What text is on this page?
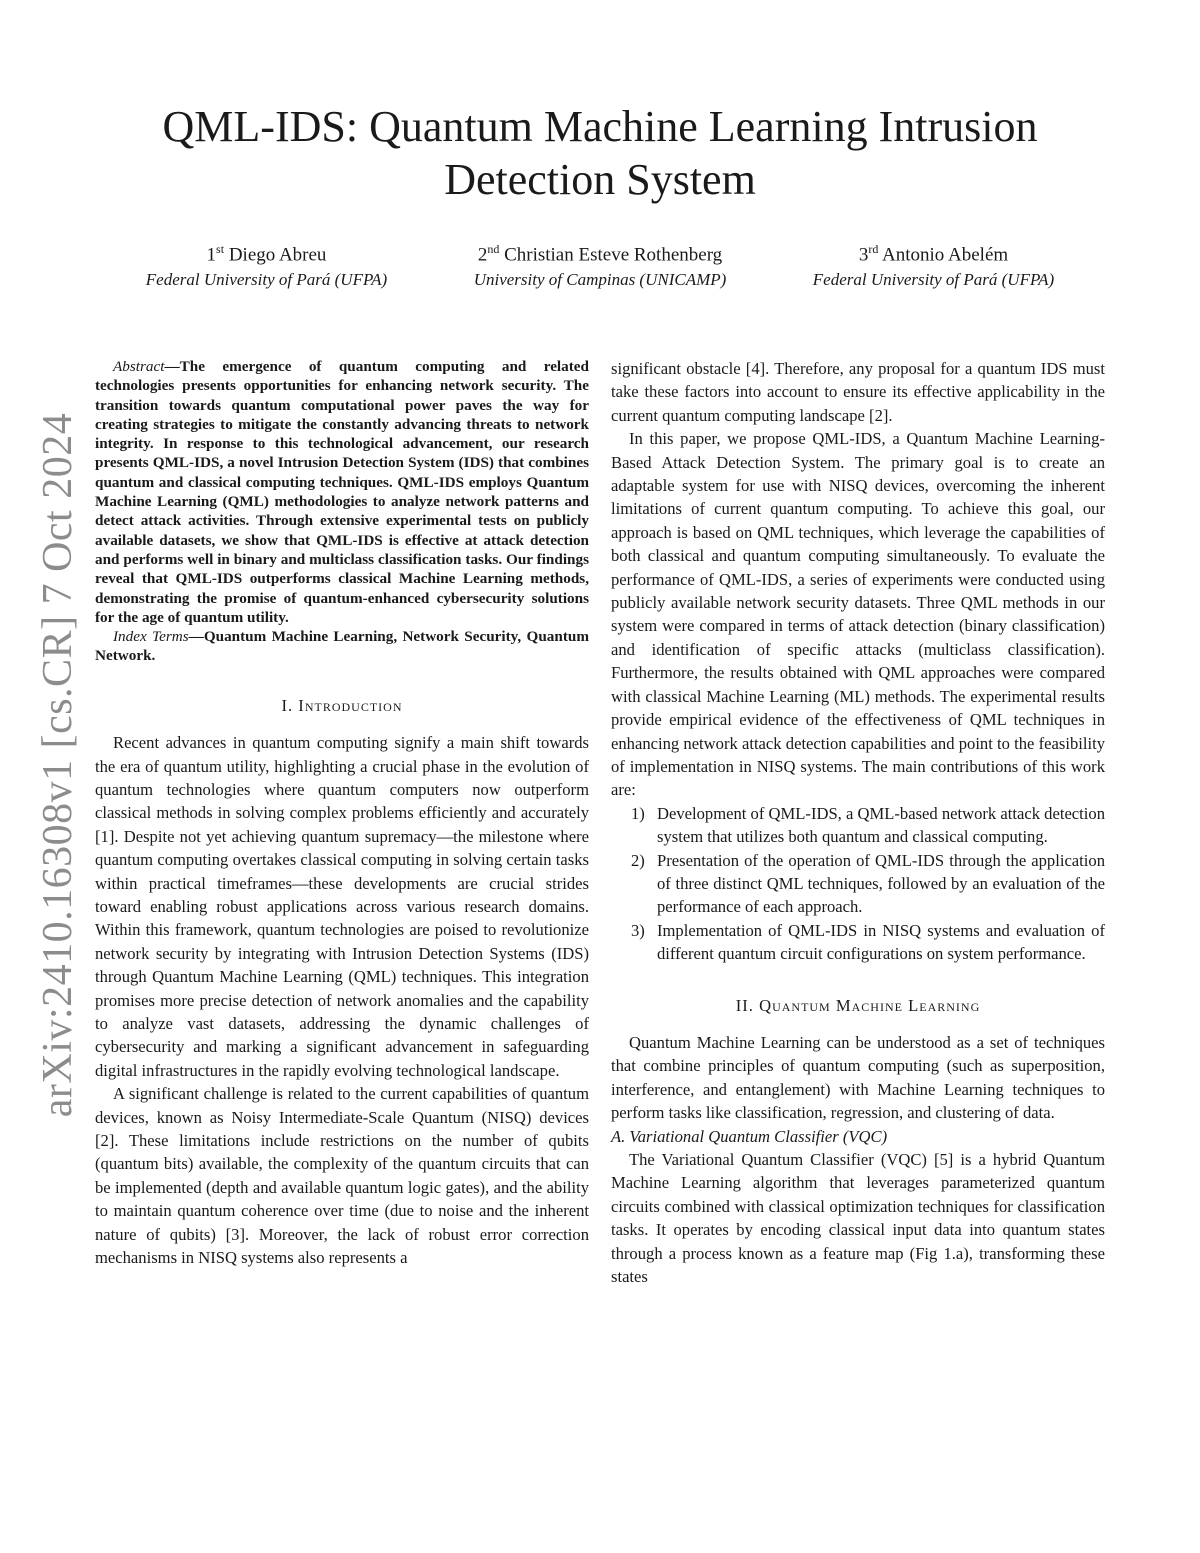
arXiv:2410.16308v1 [cs.CR] 7 Oct 2024
QML-IDS: Quantum Machine Learning Intrusion Detection System
1st Diego Abreu
Federal University of Pará (UFPA)
2nd Christian Esteve Rothenberg
University of Campinas (UNICAMP)
3rd Antonio Abelém
Federal University of Pará (UFPA)

Abstract—The emergence of quantum computing and related technologies presents opportunities for enhancing network security. The transition towards quantum computational power paves the way for creating strategies to mitigate the constantly advancing threats to network integrity. In response to this technological advancement, our research presents QML-IDS, a novel Intrusion Detection System (IDS) that combines quantum and classical computing techniques. QML-IDS employs Quantum Machine Learning (QML) methodologies to analyze network patterns and detect attack activities. Through extensive experimental tests on publicly available datasets, we show that QML-IDS is effective at attack detection and performs well in binary and multiclass classification tasks. Our findings reveal that QML-IDS outperforms classical Machine Learning methods, demonstrating the promise of quantum-enhanced cybersecurity solutions for the age of quantum utility.

Index Terms—Quantum Machine Learning, Network Security, Quantum Network.

I. Introduction

Recent advances in quantum computing signify a main shift towards the era of quantum utility, highlighting a crucial phase in the evolution of quantum technologies where quantum computers now outperform classical methods in solving complex problems efficiently and accurately [1]. Despite not yet achieving quantum supremacy—the milestone where quantum computing overtakes classical computing in solving certain tasks within practical timeframes—these developments are crucial strides toward enabling robust applications across various research domains. Within this framework, quantum technologies are poised to revolutionize network security by integrating with Intrusion Detection Systems (IDS) through Quantum Machine Learning (QML) techniques. This integration promises more precise detection of network anomalies and the capability to analyze vast datasets, addressing the dynamic challenges of cybersecurity and marking a significant advancement in safeguarding digital infrastructures in the rapidly evolving technological landscape.

A significant challenge is related to the current capabilities of quantum devices, known as Noisy Intermediate-Scale Quantum (NISQ) devices [2]. These limitations include restrictions on the number of qubits (quantum bits) available, the complexity of the quantum circuits that can be implemented (depth and available quantum logic gates), and the ability to maintain quantum coherence over time (due to noise and the inherent nature of qubits) [3]. Moreover, the lack of robust error correction mechanisms in NISQ systems also represents a

significant obstacle [4]. Therefore, any proposal for a quantum IDS must take these factors into account to ensure its effective applicability in the current quantum computing landscape [2].

In this paper, we propose QML-IDS, a Quantum Machine Learning-Based Attack Detection System. The primary goal is to create an adaptable system for use with NISQ devices, overcoming the inherent limitations of current quantum computing. To achieve this goal, our approach is based on QML techniques, which leverage the capabilities of both classical and quantum computing simultaneously. To evaluate the performance of QML-IDS, a series of experiments were conducted using publicly available network security datasets. Three QML methods in our system were compared in terms of attack detection (binary classification) and identification of specific attacks (multiclass classification). Furthermore, the results obtained with QML approaches were compared with classical Machine Learning (ML) methods. The experimental results provide empirical evidence of the effectiveness of QML techniques in enhancing network attack detection capabilities and point to the feasibility of implementation in NISQ systems. The main contributions of this work are:

1) Development of QML-IDS, a QML-based network attack detection system that utilizes both quantum and classical computing.
2) Presentation of the operation of QML-IDS through the application of three distinct QML techniques, followed by an evaluation of the performance of each approach.
3) Implementation of QML-IDS in NISQ systems and evaluation of different quantum circuit configurations on system performance.
II. Quantum Machine Learning

Quantum Machine Learning can be understood as a set of techniques that combine principles of quantum computing (such as superposition, interference, and entanglement) with Machine Learning techniques to perform tasks like classification, regression, and clustering of data.

A. Variational Quantum Classifier (VQC)

The Variational Quantum Classifier (VQC) [5] is a hybrid Quantum Machine Learning algorithm that leverages parameterized quantum circuits combined with classical optimization techniques for classification tasks. It operates by encoding classical input data into quantum states through a process known as a feature map (Fig 1.a), transforming these states
